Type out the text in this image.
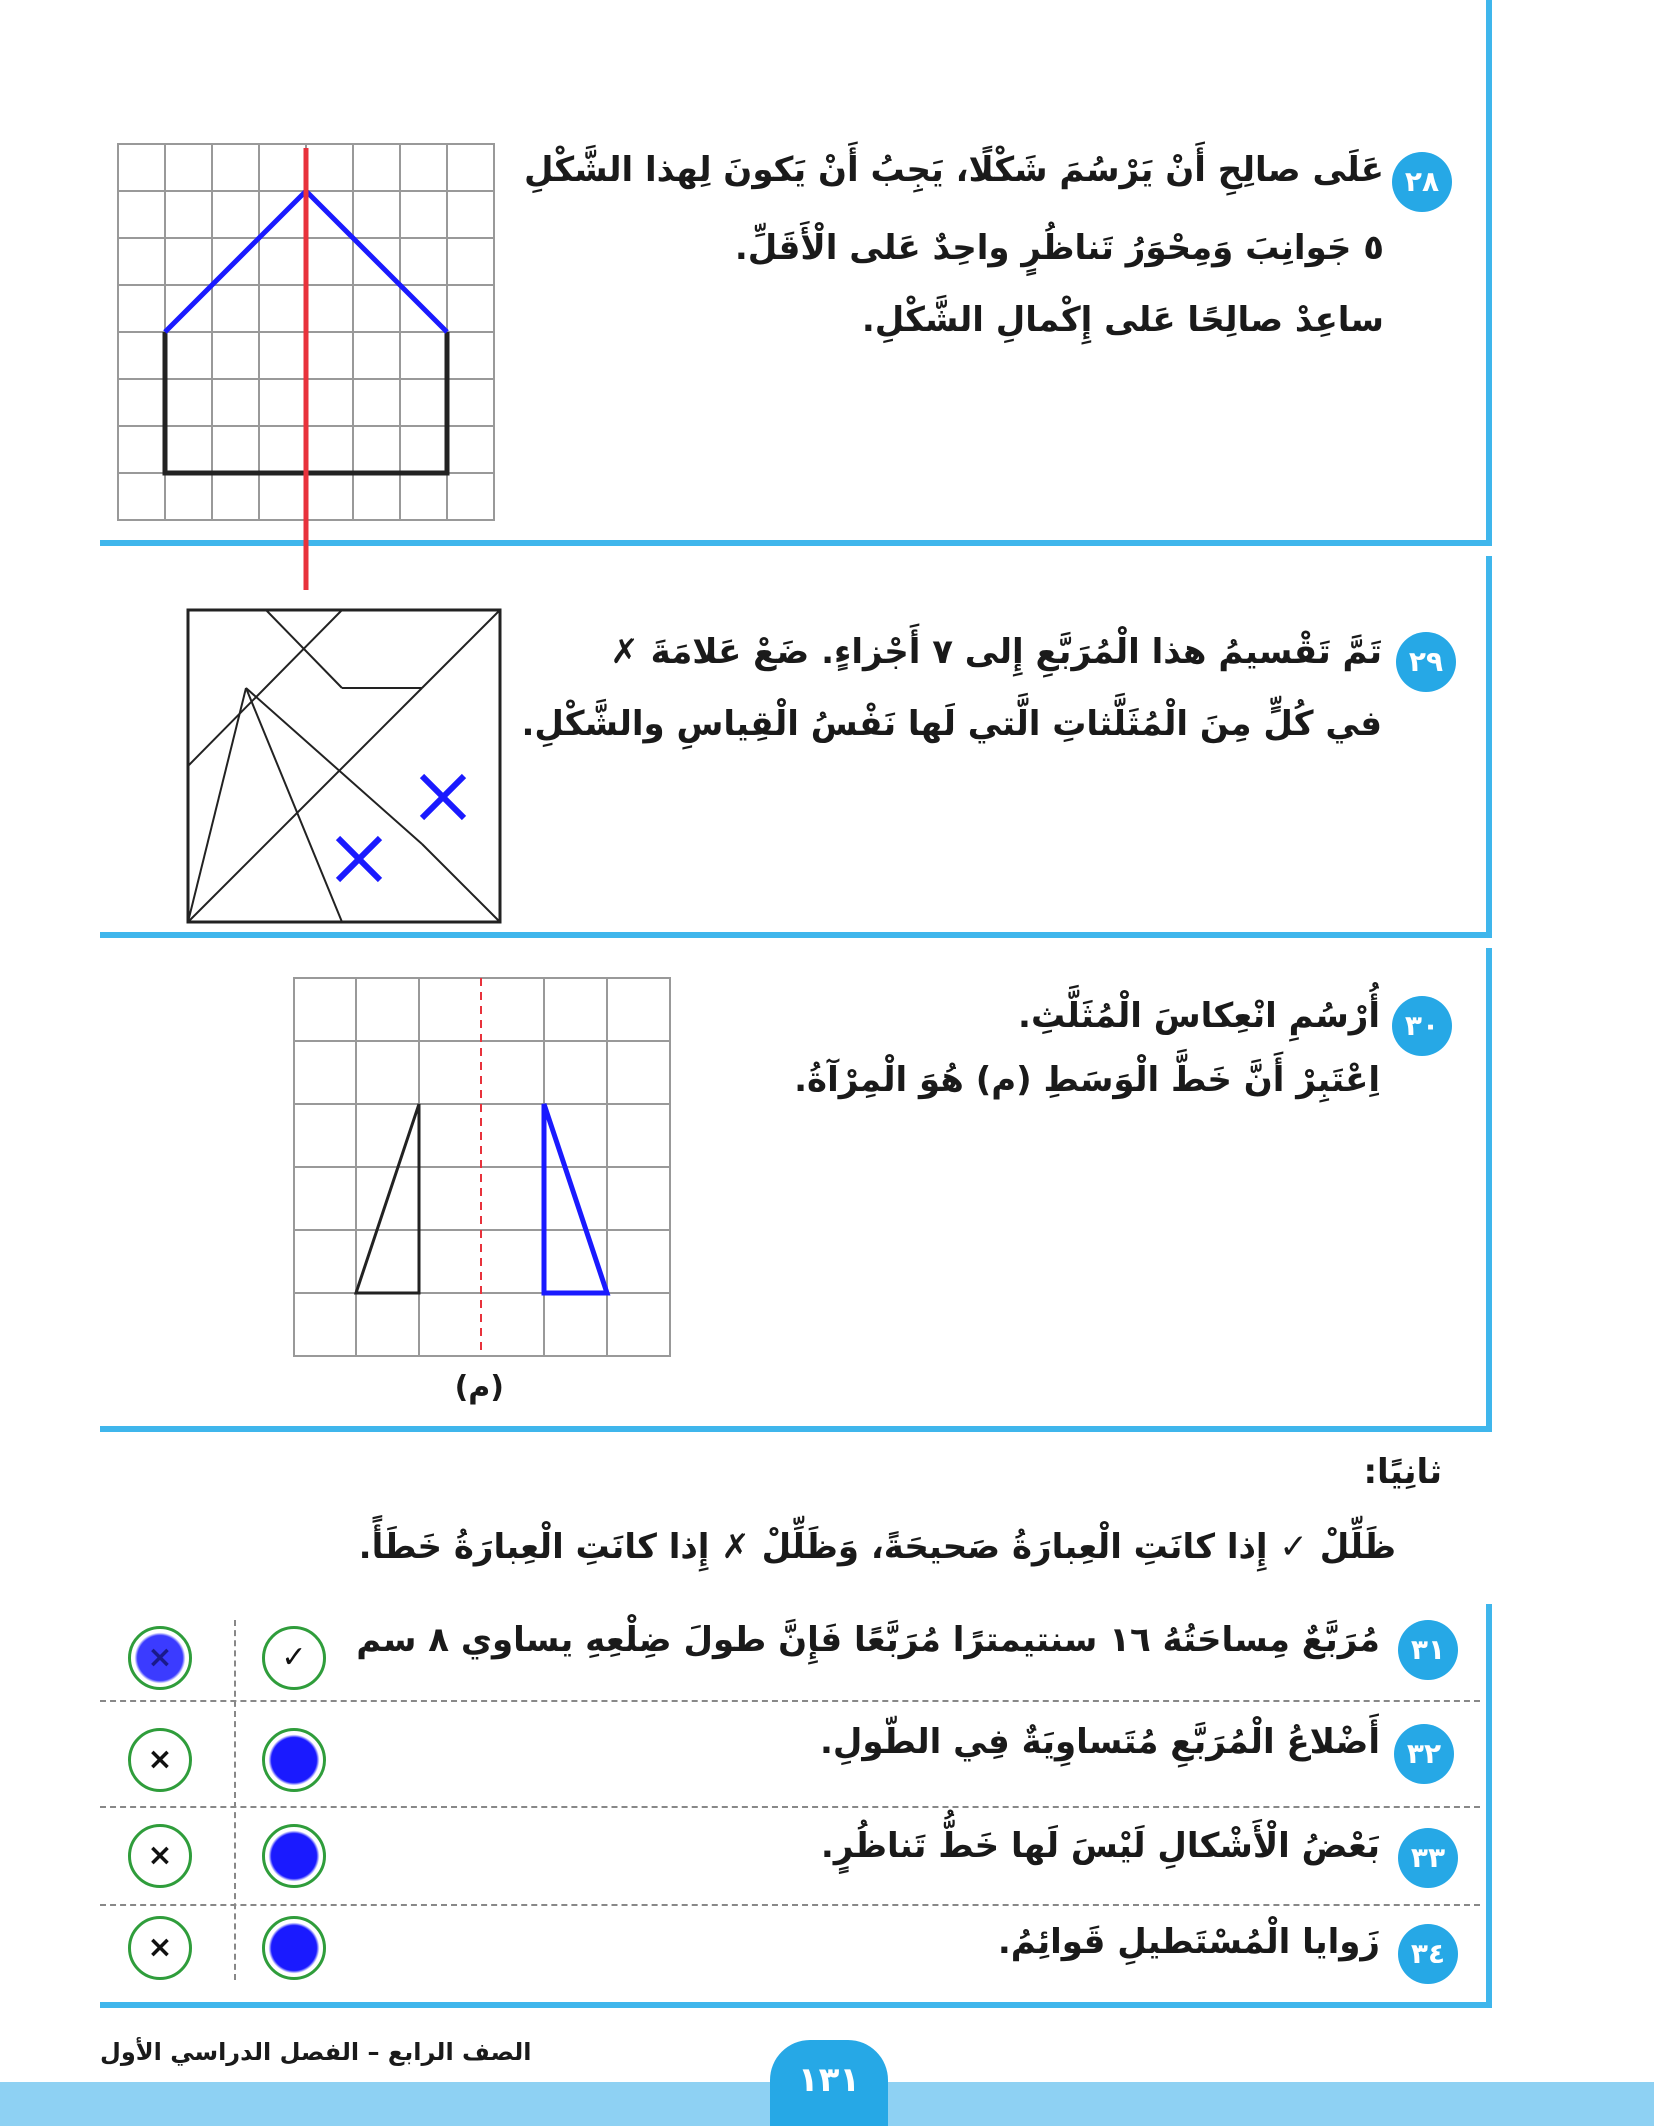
٢٨
عَلَى صالِحِ أَنْ يَرْسُمَ شَكْلًا، يَجِبُ أَنْ يَكونَ لِهذا الشَّكْلِ
٥ جَوانِبَ وَمِحْوَرُ تَناظُرٍ واحِدٌ عَلى الْأَقَلِّ.
ساعِدْ صالِحًا عَلى إِكْمالِ الشَّكْلِ.
٢٩
تَمَّ تَقْسيمُ هذا الْمُرَبَّعِ إِلى ٧ أَجْزاءٍ. ضَعْ عَلامَةَ ✗
في كُلٍّ مِنَ الْمُثَلَّثاتِ الَّتي لَها نَفْسُ الْقِياسِ والشَّكْلِ.
٣٠
أُرْسُمِ انْعِكاسَ الْمُثَلَّثِ.
اِعْتَبِرْ أَنَّ خَطَّ الْوَسَطِ (م) هُوَ الْمِرْآةُ.
(م)
ثانِيًا:
ظَلِّلْ ✓ إِذا كانَتِ الْعِبارَةُ صَحيحَةً، وَظَلِّلْ ✗ إِذا كانَتِ الْعِبارَةُ خَطَأً.
٣١
مُرَبَّعٌ مِساحَتُهُ ١٦ سنتيمترًا مُرَبَّعًا فَإِنَّ طولَ ضِلْعِهِ يساوي ٨ سم
✓
×
٣٢
أَضْلاعُ الْمُرَبَّعِ مُتَساوِيَةٌ فِي الطّولِ.
×
٣٣
بَعْضُ الْأَشْكالِ لَيْسَ لَها خَطُّ تَناظُرٍ.
×
٣٤
زَوايا الْمُسْتَطيلِ قَوائِمُ.
×
الصف الرابع – الفصل الدراسي الأول
١٣١
